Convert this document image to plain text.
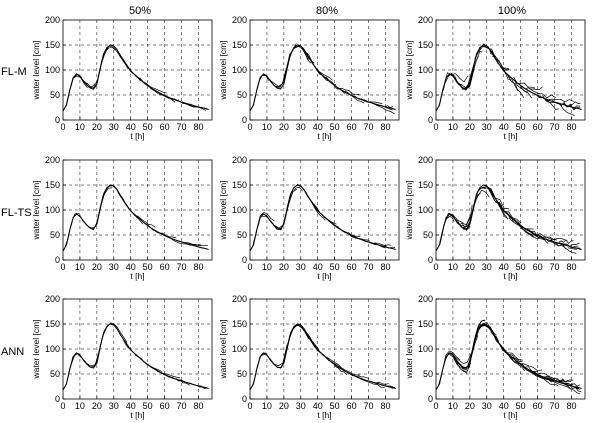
50%	80%	100%
FL-M
FL-TS
ANN
0 10 20 30 40 50 60 70 80
0
50
100
150
200
t [h]
water level [cm]
0 10 20 30 40 50 60 70 80
0
50
100
150
200
t [h]
water level [cm]
0 10 20 30 40 50 60 70 80
0
50
100
150
200
t [h]
water level [cm]
0 10 20 30 40 50 60 70 80
0
50
100
150
200
t [h]
water level [cm]
0 10 20 30 40 50 60 70 80
0
50
100
150
200
t [h]
water level [cm]
0 10 20 30 40 50 60 70 80
0
50
100
150
200
t [h]
water level [cm]
0 10 20 30 40 50 60 70 80
0
50
100
150
200
t [h]
water level [cm]
0 10 20 30 40 50 60 70 80
0
50
100
150
200
t [h]
water level [cm]
0 10 20 30 40 50 60 70 80
0
50
100
150
200
t [h]
water level [cm]
